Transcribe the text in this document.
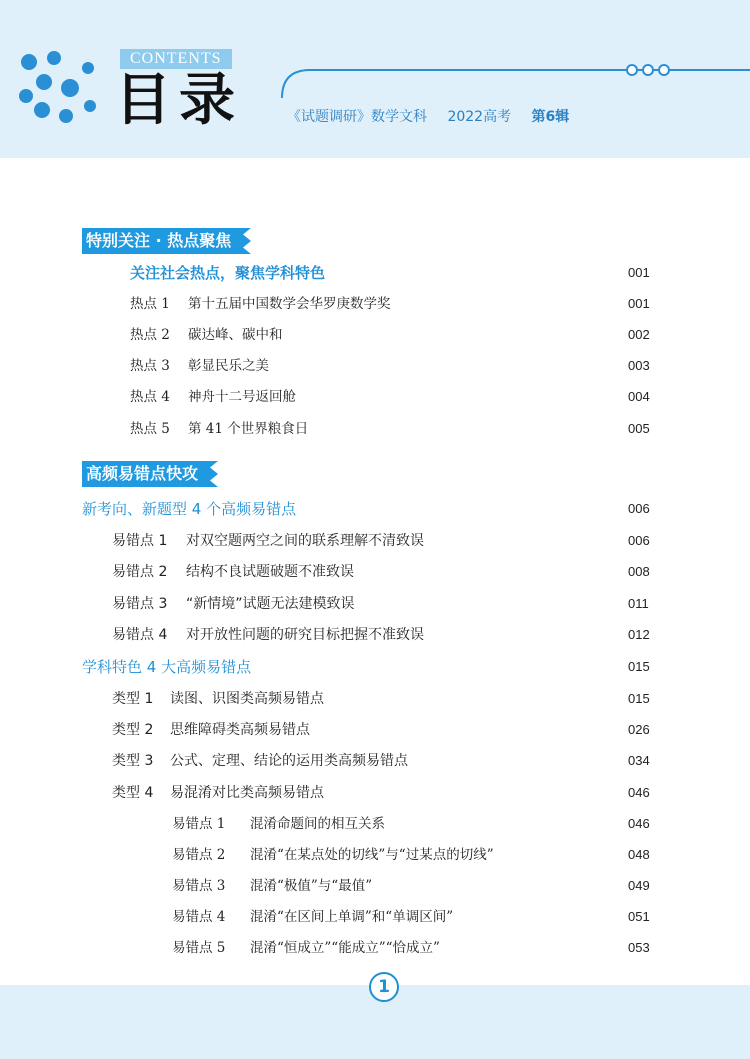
CONTENTS
目录	《试题调研》数学文科 2022高考 第6辑
特别关注 · 热点聚焦
关注社会热点，聚焦学科特色	001
热点 1 第十五届中国数学会华罗庚数学奖	001
热点 2 碳达峰、碳中和	002
热点 3 彰显民乐之美	003
热点 4 神舟十二号返回舱	004
热点 5 第 41 个世界粮食日	005
高频易错点快攻
新考向、新题型 4 个高频易错点	006
易错点 1 对双空题两空之间的联系理解不清致误	006
易错点 2 结构不良试题破题不准致误	008
易错点 3 “新情境”试题无法建模致误	011
易错点 4 对开放性问题的研究目标把握不准致误	012
学科特色 4 大高频易错点	015
类型 1 读图、识图类高频易错点	015
类型 2 思维障碍类高频易错点	026
类型 3 公式、定理、结论的运用类高频易错点	034
类型 4 易混淆对比类高频易错点	046
易错点 1 混淆命题间的相互关系	046
易错点 2 混淆“在某点处的切线”与“过某点的切线”	048
易错点 3 混淆“极值”与“最值”	049
易错点 4 混淆“在区间上单调”和“单调区间”	051
易错点 5 混淆“恒成立”“能成立”“恰成立”	053
1
